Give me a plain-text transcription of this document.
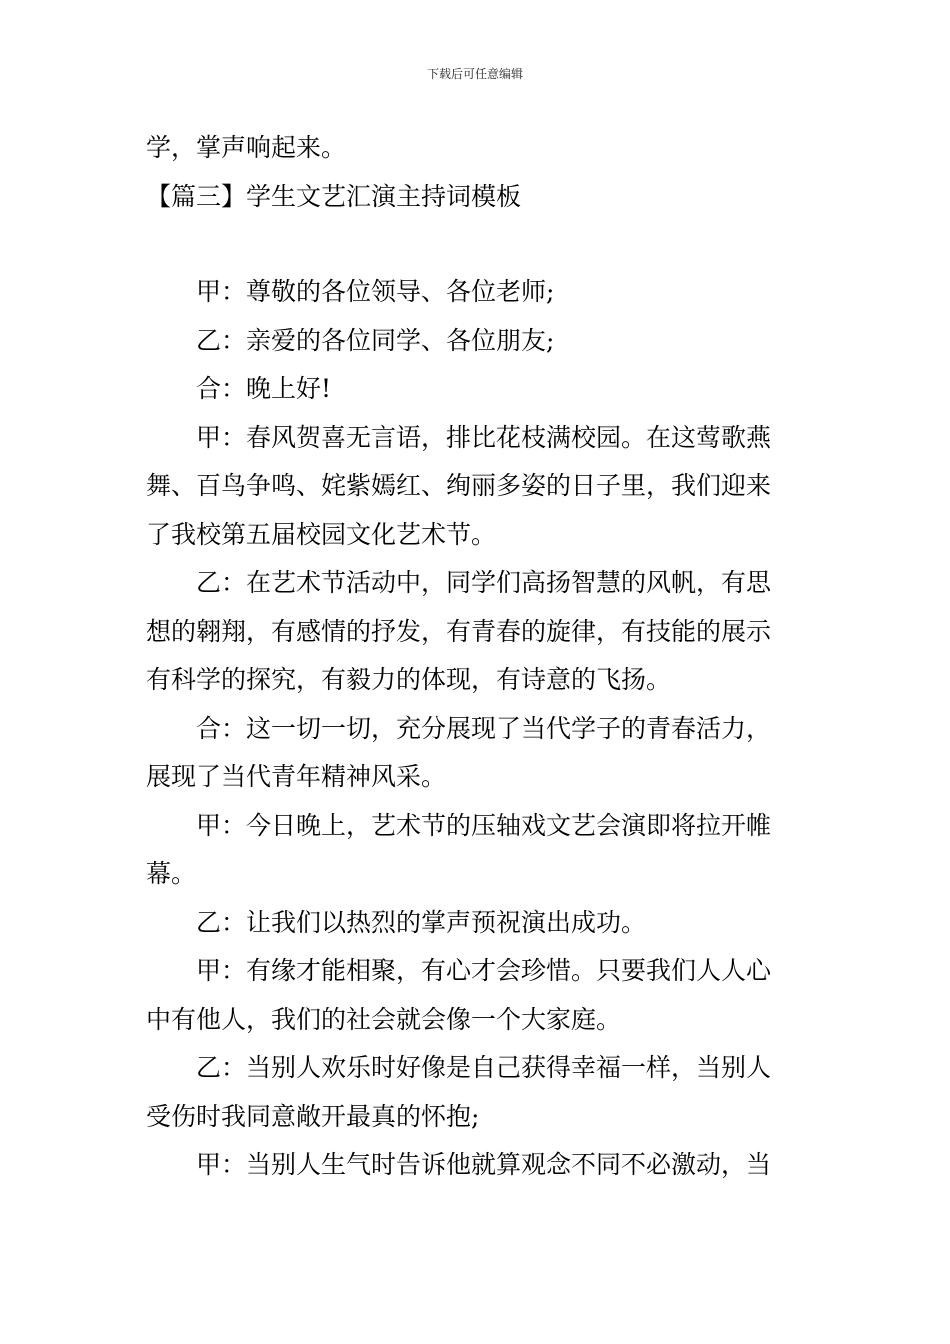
下载后可任意编辑

学，掌声响起来。

【篇三】学生文艺汇演主持词模板

甲：尊敬的各位领导、各位老师;

乙：亲爱的各位同学、各位朋友;

合：晚上好!

甲：春风贺喜无言语，排比花枝满校园。在这莺歌燕

舞、百鸟争鸣、姹紫嫣红、绚丽多姿的日子里，我们迎来

了我校第五届校园文化艺术节。

乙：在艺术节活动中，同学们高扬智慧的风帆，有思

想的翱翔，有感情的抒发，有青春的旋律，有技能的展示

有科学的探究，有毅力的体现，有诗意的飞扬。

合：这一切一切，充分展现了当代学子的青春活力，

展现了当代青年精神风采。

甲：今日晚上，艺术节的压轴戏文艺会演即将拉开帷

幕。

乙：让我们以热烈的掌声预祝演出成功。

甲：有缘才能相聚，有心才会珍惜。只要我们人人心

中有他人，我们的社会就会像一个大家庭。

乙：当别人欢乐时好像是自己获得幸福一样，当别人

受伤时我同意敞开最真的怀抱;

甲：当别人生气时告诉他就算观念不同不必激动，当
